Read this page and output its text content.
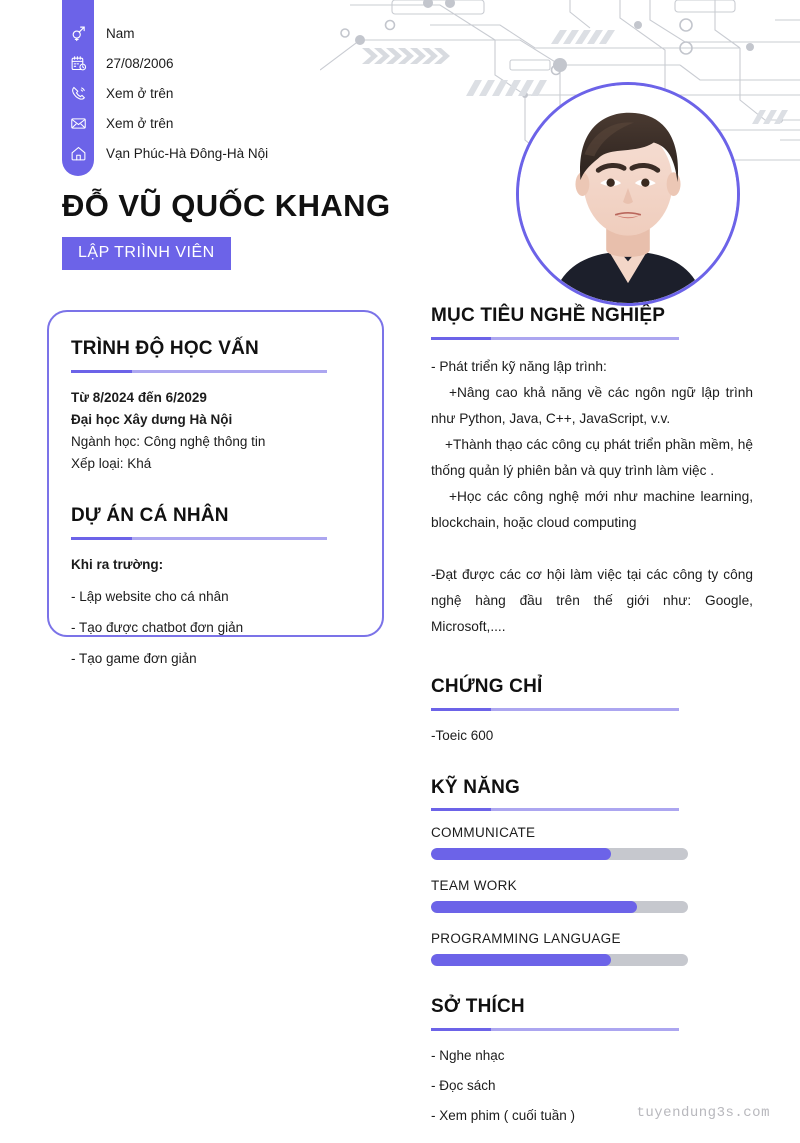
Nam
27/08/2006
Xem ở trên
Xem ở trên
Vạn Phúc-Hà Đông-Hà Nội
ĐỖ VŨ QUỐC KHANG
LẬP TRIÌNH VIÊN
TRÌNH ĐỘ HỌC VẤN
Từ 8/2024 đến 6/2029
Đại học Xây dưng Hà Nội
Ngành học: Công nghệ thông tin
Xếp loại: Khá
DỰ ÁN CÁ NHÂN
Khi ra trường:
- Lập website cho cá nhân
- Tạo được chatbot đơn giản
- Tạo game đơn giản
MỤC TIÊU NGHỀ NGHIỆP
- Phát triển kỹ năng lập trình:
+Nâng cao khả năng về các ngôn ngữ lập trình như Python, Java, C++, JavaScript, v.v.
+Thành thạo các công cụ phát triển phần mềm, hệ thống quản lý phiên bản và quy trình làm việc .
+Học các công nghệ mới như machine learning, blockchain, hoặc cloud computing
-Đạt được các cơ hội làm việc tại các công ty công nghệ hàng đầu trên thế giới như: Google, Microsoft,....
CHỨNG CHỈ
-Toeic 600
KỸ NĂNG
COMMUNICATE
TEAM WORK
PROGRAMMING LANGUAGE
SỞ THÍCH
- Nghe nhạc
- Đọc sách
- Xem phim ( cuối tuần )	tuyendung3s.com
